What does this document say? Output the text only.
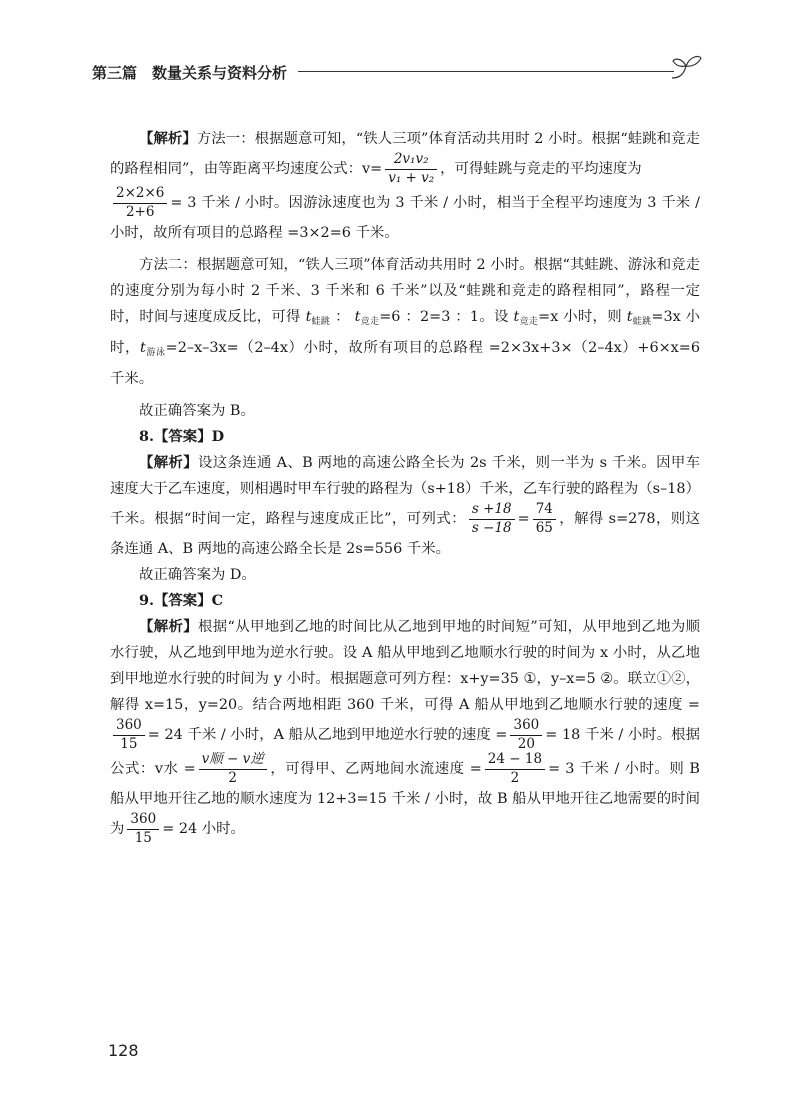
第三篇　数量关系与资料分析

【解析】方法一：根据题意可知，“铁人三项”体育活动共用时 2 小时。根据“蛙跳和竞走的路程相同”，由等距离平均速度公式：$v= \frac{\text{2v₁v₂}}{\text{v₁ + v₂}}$ ，可得蛙跳与竞走的平均速度为

$\frac{2\times 2\times 6}{2+6} = 3$ 千米 / 小时。因游泳速度也为 3 千米 / 小时，相当于全程平均速度为 3 千米 / 小时，故所有项目的总路程 =3×2=6 千米。

方法二：根据题意可知，“铁人三项”体育活动共用时 2 小时。根据“其蛙跳、游泳和竞走的速度分别为每小时 2 千米、3 千米和 6 千米”以及“蛙跳和竞走的路程相同”，路程一定时，时间与速度成反比，可得 $t_{蛙跳}$ ： $t_{竞走}=6$ ：2=3 ：1。设 $t_{竞走}=x$ 小时，则 $t_{蛙跳}=3x$ 小时，$t_{游泳}=2-x-3x=(2-4x)$小时，故所有项目的总路程 =2×3x+3×（2–4x）+6×x=6 千米。

故正确答案为 B。

8.【答案】D

【解析】设这条连通 A、B 两地的高速公路全长为 2s 千米，则一半为 s 千米。因甲车速度大于乙车速度，则相遇时甲车行驶的路程为（s+18）千米，乙车行驶的路程为（s–18）千米。根据“时间一定，路程与速度成正比”，可列式： $\frac{s +18}{s -18} = \frac{74}{65}$ ，解得 s=278，则这条连通 A、B 两地的高速公路全长是 2s=556 千米。

故正确答案为 D。

9.【答案】C

【解析】根据“从甲地到乙地的时间比从乙地到甲地的时间短”可知，从甲地到乙地为顺水行驶，从乙地到甲地为逆水行驶。设 A 船从甲地到乙地顺水行驶的时间为 x 小时，从乙地到甲地逆水行驶的时间为 y 小时。根据题意可列方程：x+y=35 ①，y–x=5 ②。联立①②，解得 x=15，y=20。结合两地相距 360 千米，可得 A 船从甲地到乙地顺水行驶的速度 =
$\frac{360}{15} = 24$ 千米 / 小时，A 船从乙地到甲地逆水行驶的速度 = $\frac{360}{20} = 18$ 千米 / 小时。根据公式：v水 = $\frac{\text{v顺 − v逆}}{2}$ ，可得甲、乙两地间水流速度 = $\frac{24 - 18}{2} = 3$ 千米 / 小时。则 B 船从甲地开往乙地的顺水速度为 12+3=15 千米 / 小时，故 B 船从甲地开往乙地需要的时间为 $\frac{360}{15} = 24$ 小时。

128
